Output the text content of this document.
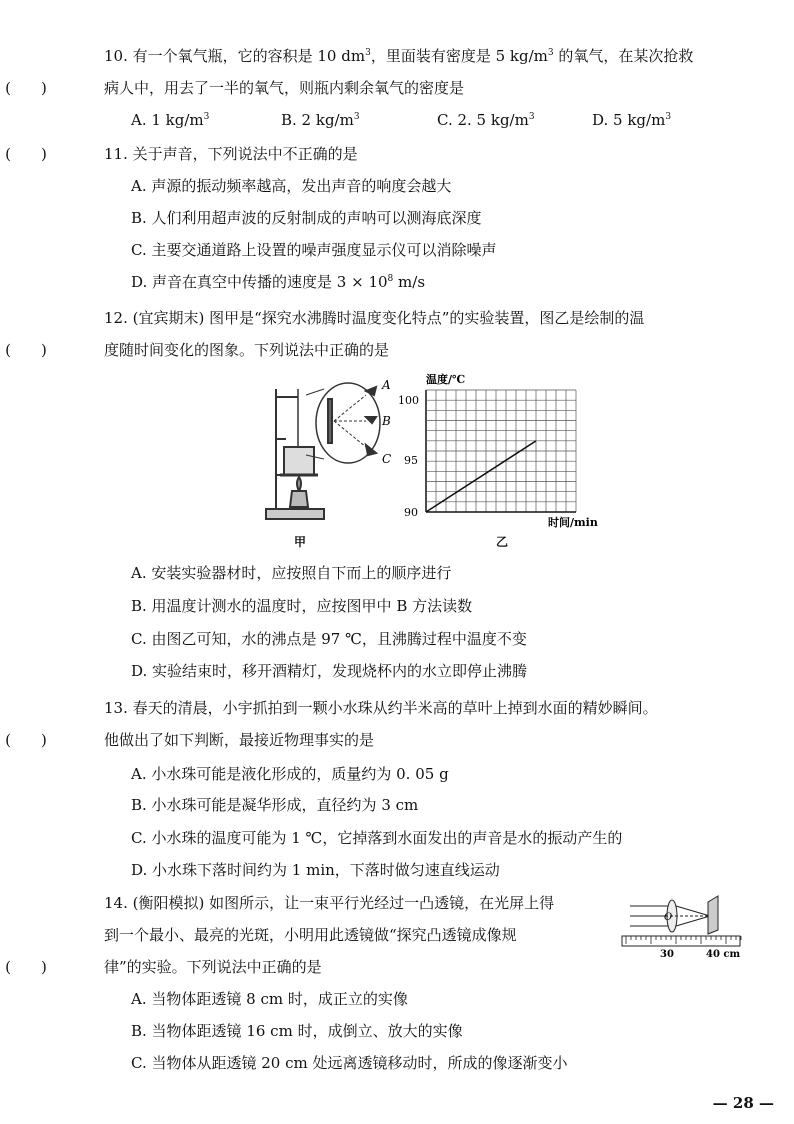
10. 有一个氧气瓶，它的容积是 10 $dm^3$，里面装有密度是 5 $kg/m^3$ 的氧气，在某次抢救
病人中，用去了一半的氧气，则瓶内剩余氧气的密度是
(　　)
A. 1 $kg/m^3$	B. 2 $kg/m^3$	C. 2. 5 $kg/m^3$	D. 5 $kg/m^3$
11. 关于声音，下列说法中不正确的是
(　　)
A. 声源的振动频率越高，发出声音的响度会越大
B. 人们利用超声波的反射制成的声呐可以测海底深度
C. 主要交通道路上设置的噪声强度显示仪可以消除噪声
D. 声音在真空中传播的速度是 $3 \times 10^8$ m/s
12. (宜宾期末) 图甲是“探究水沸腾时温度变化特点”的实验装置，图乙是绘制的温
度随时间变化的图象。下列说法中正确的是
(　　)
A
B
C
甲
温度/℃
时间/min
100
95
90
乙
A. 安装实验器材时，应按照自下而上的顺序进行
B. 用温度计测水的温度时，应按图甲中 B 方法读数
C. 由图乙可知，水的沸点是 97 ℃，且沸腾过程中温度不变
D. 实验结束时，移开酒精灯，发现烧杯内的水立即停止沸腾
13. 春天的清晨，小宇抓拍到一颗小水珠从约半米高的草叶上掉到水面的精妙瞬间。
他做出了如下判断，最接近物理事实的是
(　　)
A. 小水珠可能是液化形成的，质量约为 0. 05 g
B. 小水珠可能是凝华形成，直径约为 3 cm
C. 小水珠的温度可能为 1 ℃，它掉落到水面发出的声音是水的振动产生的
D. 小水珠下落时间约为 1 min，下落时做匀速直线运动
14. (衡阳模拟) 如图所示，让一束平行光经过一凸透镜，在光屏上得
到一个最小、最亮的光斑，小明用此透镜做“探究凸透镜成像规
律”的实验。下列说法中正确的是
(　　)
O
30	40 cm
A. 当物体距透镜 8 cm 时，成正立的实像
B. 当物体距透镜 16 cm 时，成倒立、放大的实像
C. 当物体从距透镜 20 cm 处远离透镜移动时，所成的像逐渐变小
— 28 —
